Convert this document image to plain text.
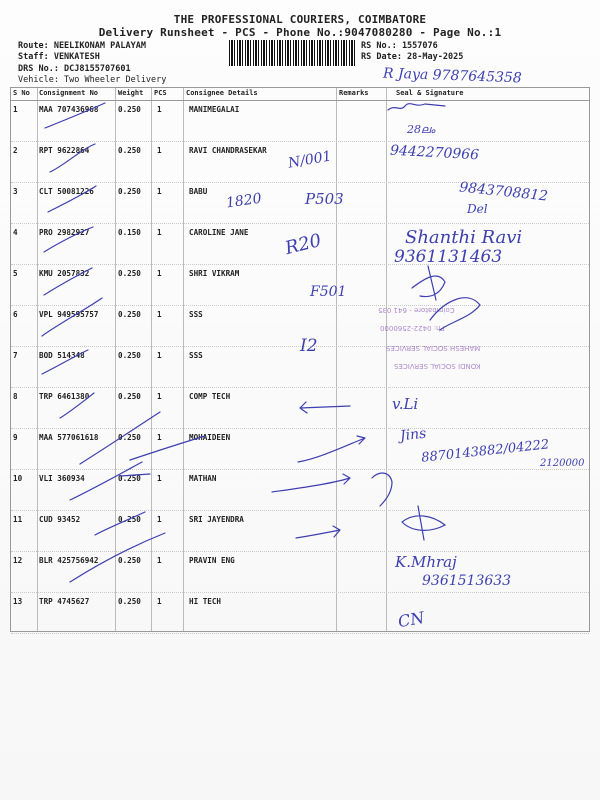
THE PROFESSIONAL COURIERS, COIMBATORE
Delivery Runsheet - PCS - Phone No.:9047080280 - Page No.:1
Route: NEELIKONAM PALAYAM
Staff: VENKATESH
DRS No.: DCJ8155707601
Vehicle: Two Wheeler Delivery
RS No.: 1557076
RS Date: 28-May-2025
R Jaya 9787645358
S No Consignment No	Weight PCS	Consignee Details	Remarks	Seal & Signature
1	MAA 707436968	0.250 1	MANIMEGALAI
2	RPT 9622864	0.250 1	RAVI CHANDRASEKAR
3	CLT 50081226	0.250 1	BABU
4	PRO 2982927	0.150 1	CAROLINE JANE
5	KMU 2057832	0.250 1	SHRI VIKRAM
6	VPL 949595757	0.250 1	SSS
7	BOD 514348	0.250 1	SSS
8	TRP 6461380	0.250 1	COMP TECH
9	MAA 577061618	0.250 1	MOHAIDEEN
10 VLI 360934	0.250 1	MATHAN
11 CUD 93452	0.250 1	SRI JAYENDRA
12 BLR 425756942	0.250 1	PRAVIN ENG
13 TRP 4745627	0.250 1	HI TECH
28ലം
N/001	9442270966
1820	P503	9843708812
Del
R20	Shanthi Ravi
9361131463
F501
I2
v.Li
Jins
8870143882/04222
2120000
K.Mhraj
9361513633
CN
Coimbatore - 641 035
Ph: 0422-2560000
MAHESH SOCIAL SERVICES
KONDI SOCIAL SERVICES
